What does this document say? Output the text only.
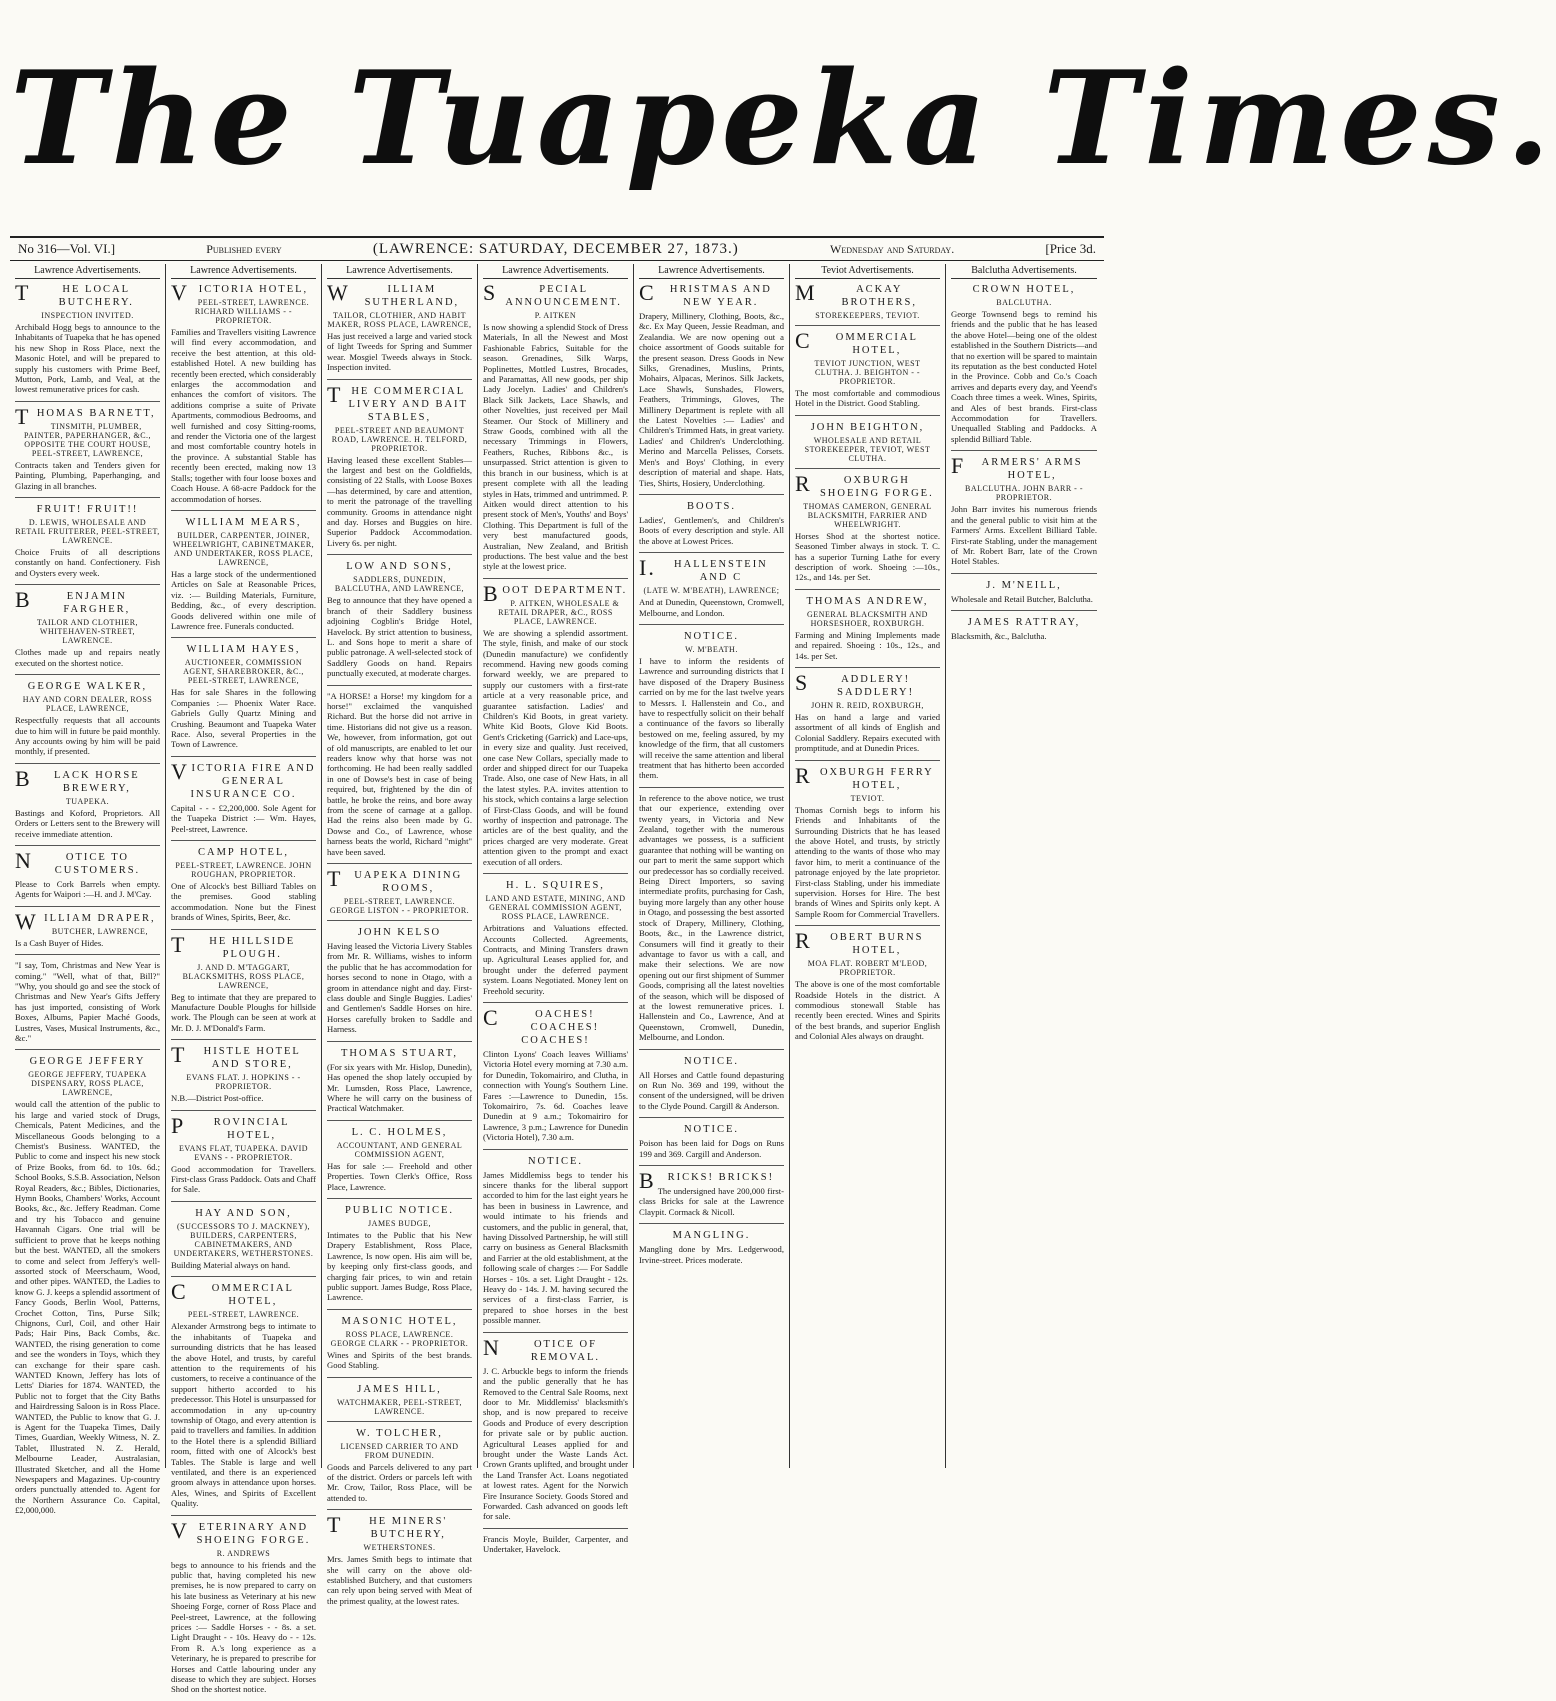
The Tuapeka Times.
No 316—Vol. VI.]	Published every	(LAWRENCE: SATURDAY, DECEMBER 27, 1873.)	Wednesday and Saturday.	[Price 3d.
Lawrence Advertisements.
THE LOCAL BUTCHERY.
INSPECTION INVITED.
Archibald Hogg begs to announce to the Inhabitants of Tuapeka that he has opened his new Shop in Ross Place, next the Masonic Hotel, and will be prepared to supply his customers with Prime Beef, Mutton, Pork, Lamb, and Veal, at the lowest remunerative prices for cash.
THOMAS BARNETT,
TINSMITH, PLUMBER, PAINTER, PAPERHANGER, &C., OPPOSITE THE COURT HOUSE, PEEL-STREET, LAWRENCE,
Contracts taken and Tenders given for Painting, Plumbing, Paperhanging, and Glazing in all branches.
FRUIT! FRUIT!!
D. LEWIS, WHOLESALE AND RETAIL FRUITERER, PEEL-STREET, LAWRENCE.
Choice Fruits of all descriptions constantly on hand. Confectionery. Fish and Oysters every week.
BENJAMIN FARGHER,
TAILOR AND CLOTHIER, WHITEHAVEN-STREET, LAWRENCE.
Clothes made up and repairs neatly executed on the shortest notice.
GEORGE WALKER,
HAY AND CORN DEALER, ROSS PLACE, LAWRENCE,
Respectfully requests that all accounts due to him will in future be paid monthly. Any accounts owing by him will be paid monthly, if presented.
BLACK HORSE BREWERY,
TUAPEKA.
Bastings and Koford, Proprietors. All Orders or Letters sent to the Brewery will receive immediate attention.
NOTICE TO CUSTOMERS.
Please to Cork Barrels when empty. Agents for Waipori :—H. and J. M'Cay.
WILLIAM DRAPER,
BUTCHER, LAWRENCE,
Is a Cash Buyer of Hides.
"I say, Tom, Christmas and New Year is coming." "Well, what of that, Bill?" "Why, you should go and see the stock of Christmas and New Year's Gifts Jeffery has just imported, consisting of Work Boxes, Albums, Papier Maché Goods, Lustres, Vases, Musical Instruments, &c., &c."
GEORGE JEFFERY
GEORGE JEFFERY, TUAPEKA DISPENSARY, ROSS PLACE, LAWRENCE,
would call the attention of the public to his large and varied stock of Drugs, Chemicals, Patent Medicines, and the Miscellaneous Goods belonging to a Chemist's Business. WANTED, the Public to come and inspect his new stock of Prize Books, from 6d. to 10s. 6d.; School Books, S.S.B. Association, Nelson Royal Readers, &c.; Bibles, Dictionaries, Hymn Books, Chambers' Works, Account Books, &c., &c. Jeffery Readman. Come and try his Tobacco and genuine Havannah Cigars. One trial will be sufficient to prove that he keeps nothing but the best. WANTED, all the smokers to come and select from Jeffery's well-assorted stock of Meerschaum, Wood, and other pipes. WANTED, the Ladies to know G. J. keeps a splendid assortment of Fancy Goods, Berlin Wool, Patterns, Crochet Cotton, Tins, Purse Silk; Chignons, Curl, Coil, and other Hair Pads; Hair Pins, Back Combs, &c. WANTED, the rising generation to come and see the wonders in Toys, which they can exchange for their spare cash. WANTED Known, Jeffery has lots of Letts' Diaries for 1874. WANTED, the Public not to forget that the City Baths and Hairdressing Saloon is in Ross Place. WANTED, the Public to know that G. J. is Agent for the Tuapeka Times, Daily Times, Guardian, Weekly Witness, N. Z. Tablet, Illustrated N. Z. Herald, Melbourne Leader, Australasian, Illustrated Sketcher, and all the Home Newspapers and Magazines. Up-country orders punctually attended to. Agent for the Northern Assurance Co. Capital, £2,000,000.
Lawrence Advertisements.
VICTORIA HOTEL,
PEEL-STREET, LAWRENCE. RICHARD WILLIAMS - - PROPRIETOR.
Families and Travellers visiting Lawrence will find every accommodation, and receive the best attention, at this old-established Hotel. A new building has recently been erected, which considerably enlarges the accommodation and enhances the comfort of visitors. The additions comprise a suite of Private Apartments, commodious Bedrooms, and well furnished and cosy Sitting-rooms, and render the Victoria one of the largest and most comfortable country hotels in the province. A substantial Stable has recently been erected, making now 13 Stalls; together with four loose boxes and Coach House. A 68-acre Paddock for the accommodation of horses.
WILLIAM MEARS,
BUILDER, CARPENTER, JOINER, WHEELWRIGHT, CABINETMAKER, AND UNDERTAKER, ROSS PLACE, LAWRENCE,
Has a large stock of the undermentioned Articles on Sale at Reasonable Prices, viz. :— Building Materials, Furniture, Bedding, &c., of every description. Goods delivered within one mile of Lawrence free. Funerals conducted.
WILLIAM HAYES,
AUCTIONEER, COMMISSION AGENT, SHAREBROKER, &C., PEEL-STREET, LAWRENCE,
Has for sale Shares in the following Companies :— Phoenix Water Race. Gabriels Gully Quartz Mining and Crushing. Beaumont and Tuapeka Water Race. Also, several Properties in the Town of Lawrence.
VICTORIA FIRE AND GENERAL INSURANCE CO.
Capital - - - £2,200,000. Sole Agent for the Tuapeka District :— Wm. Hayes, Peel-street, Lawrence.
CAMP HOTEL,
PEEL-STREET, LAWRENCE. JOHN ROUGHAN, PROPRIETOR.
One of Alcock's best Billiard Tables on the premises. Good stabling accommodation. None but the Finest brands of Wines, Spirits, Beer, &c.
THE HILLSIDE PLOUGH.
J. AND D. M'TAGGART, BLACKSMITHS, ROSS PLACE, LAWRENCE,
Beg to intimate that they are prepared to Manufacture Double Ploughs for hillside work. The Plough can be seen at work at Mr. D. J. M'Donald's Farm.
THISTLE HOTEL AND STORE,
EVANS FLAT. J. HOPKINS - - PROPRIETOR.
N.B.—District Post-office.
PROVINCIAL HOTEL,
EVANS FLAT, TUAPEKA. DAVID EVANS - - PROPRIETOR.
Good accommodation for Travellers. First-class Grass Paddock. Oats and Chaff for Sale.
HAY AND SON,
(SUCCESSORS TO J. MACKNEY), BUILDERS, CARPENTERS, CABINETMAKERS, AND UNDERTAKERS, WETHERSTONES.
Building Material always on hand.
COMMERCIAL HOTEL,
PEEL-STREET, LAWRENCE.
Alexander Armstrong begs to intimate to the inhabitants of Tuapeka and surrounding districts that he has leased the above Hotel, and trusts, by careful attention to the requirements of his customers, to receive a continuance of the support hitherto accorded to his predecessor. This Hotel is unsurpassed for accommodation in any up-country township of Otago, and every attention is paid to travellers and families. In addition to the Hotel there is a splendid Billiard room, fitted with one of Alcock's best Tables. The Stable is large and well ventilated, and there is an experienced groom always in attendance upon horses. Ales, Wines, and Spirits of Excellent Quality.
VETERINARY AND SHOEING FORGE.
R. ANDREWS
begs to announce to his friends and the public that, having completed his new premises, he is now prepared to carry on his late business as Veterinary at his new Shoeing Forge, corner of Ross Place and Peel-street, Lawrence, at the following prices :— Saddle Horses - - 8s. a set. Light Draught - - 10s. Heavy do - - 12s. From R. A.'s long experience as a Veterinary, he is prepared to prescribe for Horses and Cattle labouring under any disease to which they are subject. Horses Shod on the shortest notice.
Lawrence Advertisements.
WILLIAM SUTHERLAND,
TAILOR, CLOTHIER, AND HABIT MAKER, ROSS PLACE, LAWRENCE,
Has just received a large and varied stock of light Tweeds for Spring and Summer wear. Mosgiel Tweeds always in Stock. Inspection invited.
THE COMMERCIAL LIVERY AND BAIT STABLES,
PEEL-STREET AND BEAUMONT ROAD, LAWRENCE. H. TELFORD, PROPRIETOR.
Having leased these excellent Stables—the largest and best on the Goldfields, consisting of 22 Stalls, with Loose Boxes—has determined, by care and attention, to merit the patronage of the travelling community. Grooms in attendance night and day. Horses and Buggies on hire. Superior Paddock Accommodation. Livery 6s. per night.
LOW AND SONS,
SADDLERS, DUNEDIN, BALCLUTHA, AND LAWRENCE,
Beg to announce that they have opened a branch of their Saddlery business adjoining Cogblin's Bridge Hotel, Havelock. By strict attention to business, L. and Sons hope to merit a share of public patronage. A well-selected stock of Saddlery Goods on hand. Repairs punctually executed, at moderate charges.
"A HORSE! a Horse! my kingdom for a horse!" exclaimed the vanquished Richard. But the horse did not arrive in time. Historians did not give us a reason. We, however, from information, got out of old manuscripts, are enabled to let our readers know why that horse was not forthcoming. He had been really saddled in one of Dowse's best in case of being required, but, frightened by the din of battle, he broke the reins, and bore away from the scene of carnage at a gallop. Had the reins also been made by G. Dowse and Co., of Lawrence, whose harness beats the world, Richard "might" have been saved.
TUAPEKA DINING ROOMS,
PEEL-STREET, LAWRENCE. GEORGE LISTON - - PROPRIETOR.
JOHN KELSO
Having leased the Victoria Livery Stables from Mr. R. Williams, wishes to inform the public that he has accommodation for horses second to none in Otago, with a groom in attendance night and day. First-class double and Single Buggies. Ladies' and Gentlemen's Saddle Horses on hire. Horses carefully broken to Saddle and Harness.
THOMAS STUART,
(For six years with Mr. Hislop, Dunedin), Has opened the shop lately occupied by Mr. Lumsden, Ross Place, Lawrence, Where he will carry on the business of Practical Watchmaker.
L. C. HOLMES,
ACCOUNTANT, AND GENERAL COMMISSION AGENT,
Has for sale :— Freehold and other Properties. Town Clerk's Office, Ross Place, Lawrence.
PUBLIC NOTICE.
JAMES BUDGE,
Intimates to the Public that his New Drapery Establishment, Ross Place, Lawrence, Is now open. His aim will be, by keeping only first-class goods, and charging fair prices, to win and retain public support. James Budge, Ross Place, Lawrence.
MASONIC HOTEL,
ROSS PLACE, LAWRENCE. GEORGE CLARK - - PROPRIETOR.
Wines and Spirits of the best brands. Good Stabling.
JAMES HILL,
WATCHMAKER, PEEL-STREET, LAWRENCE.
W. TOLCHER,
LICENSED CARRIER TO AND FROM DUNEDIN.
Goods and Parcels delivered to any part of the district. Orders or parcels left with Mr. Crow, Tailor, Ross Place, will be attended to.
THE MINERS' BUTCHERY,
WETHERSTONES.
Mrs. James Smith begs to intimate that she will carry on the above old-established Butchery, and that customers can rely upon being served with Meat of the primest quality, at the lowest rates.
Lawrence Advertisements.
SPECIAL ANNOUNCEMENT.
P. AITKEN
Is now showing a splendid Stock of Dress Materials, In all the Newest and Most Fashionable Fabrics, Suitable for the season. Grenadines, Silk Warps, Poplinettes, Mottled Lustres, Brocades, and Paramattas, All new goods, per ship Lady Jocelyn. Ladies' and Children's Black Silk Jackets, Lace Shawls, and other Novelties, just received per Mail Steamer. Our Stock of Millinery and Straw Goods, combined with all the necessary Trimmings in Flowers, Feathers, Ruches, Ribbons &c., is unsurpassed. Strict attention is given to this branch in our business, which is at present complete with all the leading styles in Hats, trimmed and untrimmed. P. Aitken would direct attention to his present stock of Men's, Youths' and Boys' Clothing. This Department is full of the very best manufactured goods, Australian, New Zealand, and British productions. The best value and the best style at the lowest price.
BOOT DEPARTMENT.
P. AITKEN, WHOLESALE & RETAIL DRAPER, &C., ROSS PLACE, LAWRENCE.
We are showing a splendid assortment. The style, finish, and make of our stock (Dunedin manufacture) we confidently recommend. Having new goods coming forward weekly, we are prepared to supply our customers with a first-rate article at a very reasonable price, and guarantee satisfaction. Ladies' and Children's Kid Boots, in great variety. White Kid Boots, Glove Kid Boots. Gent's Cricketing (Garrick) and Lace-ups, in every size and quality. Just received, one case New Collars, specially made to order and shipped direct for our Tuapeka Trade. Also, one case of New Hats, in all the latest styles. P.A. invites attention to his stock, which contains a large selection of First-Class Goods, and will be found worthy of inspection and patronage. The articles are of the best quality, and the prices charged are very moderate. Great attention given to the prompt and exact execution of all orders.
H. L. SQUIRES,
LAND AND ESTATE, MINING, AND GENERAL COMMISSION AGENT, ROSS PLACE, LAWRENCE.
Arbitrations and Valuations effected. Accounts Collected. Agreements, Contracts, and Mining Transfers drawn up. Agricultural Leases applied for, and brought under the deferred payment system. Loans Negotiated. Money lent on Freehold security.
COACHES! COACHES! COACHES!
Clinton Lyons' Coach leaves Williams' Victoria Hotel every morning at 7.30 a.m. for Dunedin, Tokomairiro, and Clutha, in connection with Young's Southern Line. Fares :—Lawrence to Dunedin, 15s. Tokomairiro, 7s. 6d. Coaches leave Dunedin at 9 a.m.; Tokomairiro for Lawrence, 3 p.m.; Lawrence for Dunedin (Victoria Hotel), 7.30 a.m.
NOTICE.
James Middlemiss begs to tender his sincere thanks for the liberal support accorded to him for the last eight years he has been in business in Lawrence, and would intimate to his friends and customers, and the public in general, that, having Dissolved Partnership, he will still carry on business as General Blacksmith and Farrier at the old establishment, at the following scale of charges :— For Saddle Horses - 10s. a set. Light Draught - 12s. Heavy do - 14s. J. M. having secured the services of a first-class Farrier, is prepared to shoe horses in the best possible manner.
NOTICE OF REMOVAL.
J. C. Arbuckle begs to inform the friends and the public generally that he has Removed to the Central Sale Rooms, next door to Mr. Middlemiss' blacksmith's shop, and is now prepared to receive Goods and Produce of every description for private sale or by public auction. Agricultural Leases applied for and brought under the Waste Lands Act. Crown Grants uplifted, and brought under the Land Transfer Act. Loans negotiated at lowest rates. Agent for the Norwich Fire Insurance Society. Goods Stored and Forwarded. Cash advanced on goods left for sale.
Francis Moyle, Builder, Carpenter, and Undertaker, Havelock.
Lawrence Advertisements.
CHRISTMAS AND NEW YEAR.
Drapery, Millinery, Clothing, Boots, &c., &c. Ex May Queen, Jessie Readman, and Zealandia. We are now opening out a choice assortment of Goods suitable for the present season. Dress Goods in New Silks, Grenadines, Muslins, Prints, Mohairs, Alpacas, Merinos. Silk Jackets, Lace Shawls, Sunshades, Flowers, Feathers, Trimmings, Gloves, The Millinery Department is replete with all the Latest Novelties :— Ladies' and Children's Trimmed Hats, in great variety. Ladies' and Children's Underclothing. Merino and Marcella Pelisses, Corsets. Men's and Boys' Clothing, in every description of material and shape. Hats, Ties, Shirts, Hosiery, Underclothing.
BOOTS.
Ladies', Gentlemen's, and Children's Boots of every description and style. All the above at Lowest Prices.
I.HALLENSTEIN AND C
(LATE W. M'BEATH), LAWRENCE;
And at Dunedin, Queenstown, Cromwell, Melbourne, and London.
NOTICE.
W. M'BEATH.
I have to inform the residents of Lawrence and surrounding districts that I have disposed of the Drapery Business carried on by me for the last twelve years to Messrs. I. Hallenstein and Co., and have to respectfully solicit on their behalf a continuance of the favors so liberally bestowed on me, feeling assured, by my knowledge of the firm, that all customers will receive the same attention and liberal treatment that has hitherto been accorded them.
In reference to the above notice, we trust that our experience, extending over twenty years, in Victoria and New Zealand, together with the numerous advantages we possess, is a sufficient guarantee that nothing will be wanting on our part to merit the same support which our predecessor has so cordially received. Being Direct Importers, so saving intermediate profits, purchasing for Cash, buying more largely than any other house in Otago, and possessing the best assorted stock of Drapery, Millinery, Clothing, Boots, &c., in the Lawrence district, Consumers will find it greatly to their advantage to favor us with a call, and make their selections. We are now opening out our first shipment of Summer Goods, comprising all the latest novelties of the season, which will be disposed of at the lowest remunerative prices. I. Hallenstein and Co., Lawrence, And at Queenstown, Cromwell, Dunedin, Melbourne, and London.
NOTICE.
All Horses and Cattle found depasturing on Run No. 369 and 199, without the consent of the undersigned, will be driven to the Clyde Pound. Cargill & Anderson.
NOTICE.
Poison has been laid for Dogs on Runs 199 and 369. Cargill and Anderson.
BRICKS! BRICKS!
The undersigned have 200,000 first-class Bricks for sale at the Lawrence Claypit. Cormack & Nicoll.
MANGLING.
Mangling done by Mrs. Ledgerwood, Irvine-street. Prices moderate.
Teviot Advertisements.
MACKAY BROTHERS,
STOREKEEPERS, TEVIOT.
COMMERCIAL HOTEL,
TEVIOT JUNCTION, WEST CLUTHA. J. BEIGHTON - - PROPRIETOR.
The most comfortable and commodious Hotel in the District. Good Stabling.
JOHN BEIGHTON,
WHOLESALE AND RETAIL STOREKEEPER, TEVIOT, WEST CLUTHA.
ROXBURGH SHOEING FORGE.
THOMAS CAMERON, GENERAL BLACKSMITH, FARRIER AND WHEELWRIGHT.
Horses Shod at the shortest notice. Seasoned Timber always in stock. T. C. has a superior Turning Lathe for every description of work. Shoeing :—10s., 12s., and 14s. per Set.
THOMAS ANDREW,
GENERAL BLACKSMITH AND HORSESHOER, ROXBURGH.
Farming and Mining Implements made and repaired. Shoeing : 10s., 12s., and 14s. per Set.
SADDLERY! SADDLERY!
JOHN R. REID, ROXBURGH,
Has on hand a large and varied assortment of all kinds of English and Colonial Saddlery. Repairs executed with promptitude, and at Dunedin Prices.
ROXBURGH FERRY HOTEL,
TEVIOT.
Thomas Cornish begs to inform his Friends and Inhabitants of the Surrounding Districts that he has leased the above Hotel, and trusts, by strictly attending to the wants of those who may favor him, to merit a continuance of the patronage enjoyed by the late proprietor. First-class Stabling, under his immediate supervision. Horses for Hire. The best brands of Wines and Spirits only kept. A Sample Room for Commercial Travellers.
ROBERT BURNS HOTEL,
MOA FLAT. ROBERT M'LEOD, PROPRIETOR.
The above is one of the most comfortable Roadside Hotels in the district. A commodious stonewall Stable has recently been erected. Wines and Spirits of the best brands, and superior English and Colonial Ales always on draught.
Balclutha Advertisements.
CROWN HOTEL,
BALCLUTHA.
George Townsend begs to remind his friends and the public that he has leased the above Hotel—being one of the oldest established in the Southern Districts—and that no exertion will be spared to maintain its reputation as the best conducted Hotel in the Province. Cobb and Co.'s Coach arrives and departs every day, and Yeend's Coach three times a week. Wines, Spirits, and Ales of best brands. First-class Accommodation for Travellers. Unequalled Stabling and Paddocks. A splendid Billiard Table.
FARMERS' ARMS HOTEL,
BALCLUTHA. JOHN BARR - - PROPRIETOR.
John Barr invites his numerous friends and the general public to visit him at the Farmers' Arms. Excellent Billiard Table. First-rate Stabling, under the management of Mr. Robert Barr, late of the Crown Hotel Stables.
J. M'NEILL,
Wholesale and Retail Butcher, Balclutha.
JAMES RATTRAY,
Blacksmith, &c., Balclutha.
